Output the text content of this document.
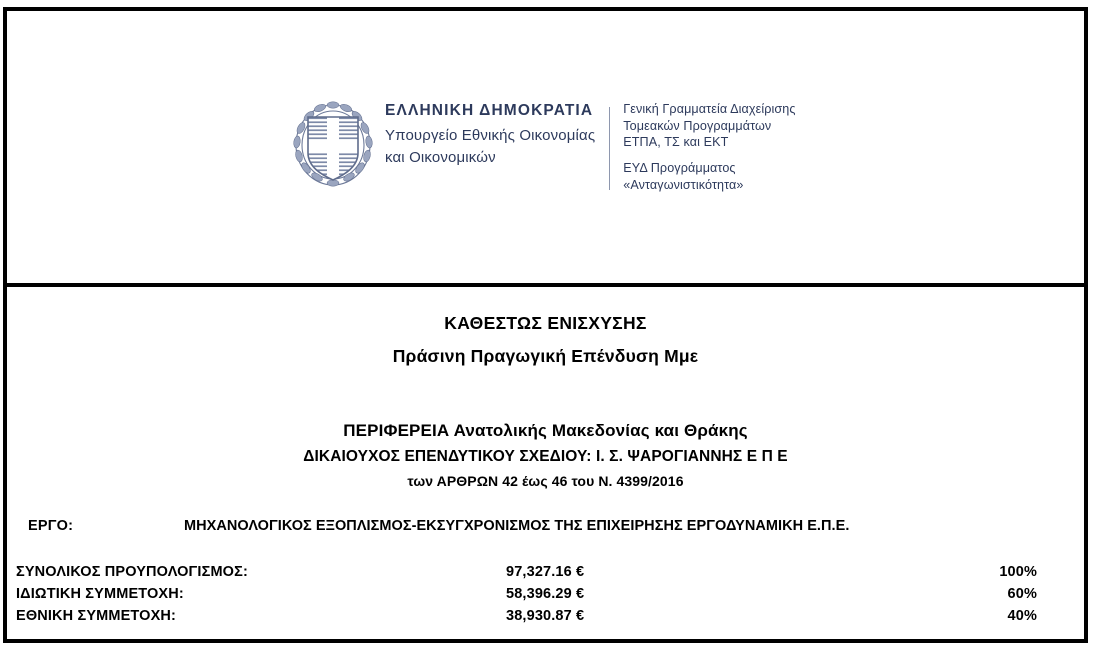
ΕΛΛΗΝΙΚΗ ΔΗΜΟΚΡΑΤΙΑ
Υπουργείο Εθνικής Οικονομίας
και Οικονομικών
Γενική Γραμματεία Διαχείρισης
Τομεακών Προγραμμάτων
ΕΤΠΑ, ΤΣ και ΕΚΤ
ΕΥΔ Προγράμματος
«Ανταγωνιστικότητα»
ΚΑΘΕΣΤΩΣ ΕΝΙΣΧΥΣΗΣ
Πράσινη Πραγωγική Επένδυση Μμε
ΠΕΡΙΦΕΡΕΙΑ Ανατολικής Μακεδονίας και Θράκης
ΔΙΚΑΙΟΥΧΟΣ ΕΠΕΝΔΥΤΙΚΟΥ ΣΧΕΔΙΟΥ: Ι. Σ. ΨΑΡΟΓΙΑΝΝΗΣ Ε Π Ε
των ΑΡΘΡΩΝ 42 έως 46 του Ν. 4399/2016
ΕΡΓΟ:	ΜΗΧΑΝΟΛΟΓΙΚΟΣ ΕΞΟΠΛΙΣΜΟΣ-ΕΚΣΥΓΧΡΟΝΙΣΜΟΣ ΤΗΣ ΕΠΙΧΕΙΡΗΣΗΣ ΕΡΓΟΔΥΝΑΜΙΚΗ Ε.Π.Ε.
ΣΥΝΟΛΙΚΟΣ ΠΡΟΥΠΟΛΟΓΙΣΜΟΣ:	97,327.16 €	100%
ΙΔΙΩΤΙΚΗ ΣΥΜΜΕΤΟΧΗ:	58,396.29 €	60%
ΕΘΝΙΚΗ ΣΥΜΜΕΤΟΧΗ:	38,930.87 €	40%
